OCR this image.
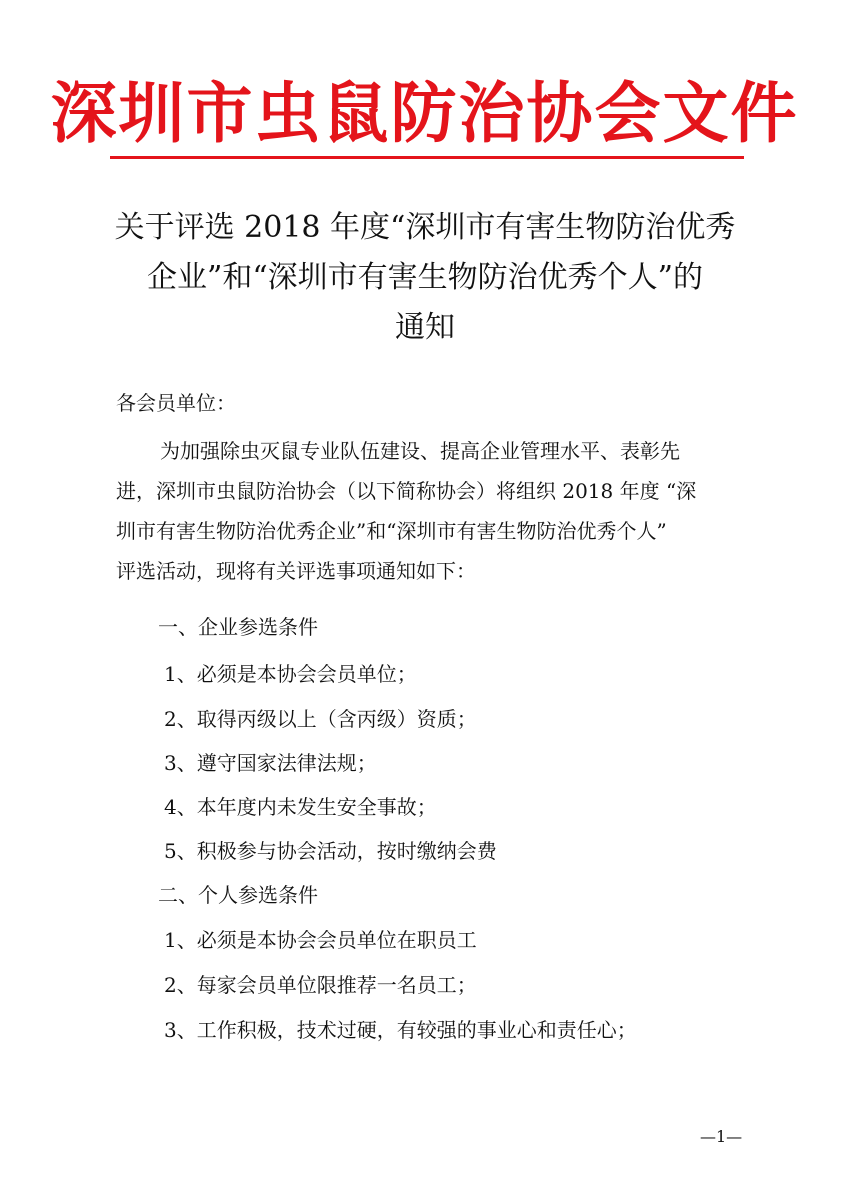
深圳市虫鼠防治协会文件
关于评选 2018 年度“深圳市有害生物防治优秀
企业”和“深圳市有害生物防治优秀个人”的
通知

各会员单位：

为加强除虫灭鼠专业队伍建设、提高企业管理水平、表彰先
进，深圳市虫鼠防治协会（以下简称协会）将组织 2018 年度 “深
圳市有害生物防治优秀企业”和“深圳市有害生物防治优秀个人”
评选活动，现将有关评选事项通知如下：

一、企业参选条件

1、必须是本协会会员单位；

2、取得丙级以上（含丙级）资质；

3、遵守国家法律法规；

4、本年度内未发生安全事故；

5、积极参与协会活动，按时缴纳会费

二、个人参选条件

1、必须是本协会会员单位在职员工

2、每家会员单位限推荐一名员工；

3、工作积极，技术过硬，有较强的事业心和责任心；

—1—
